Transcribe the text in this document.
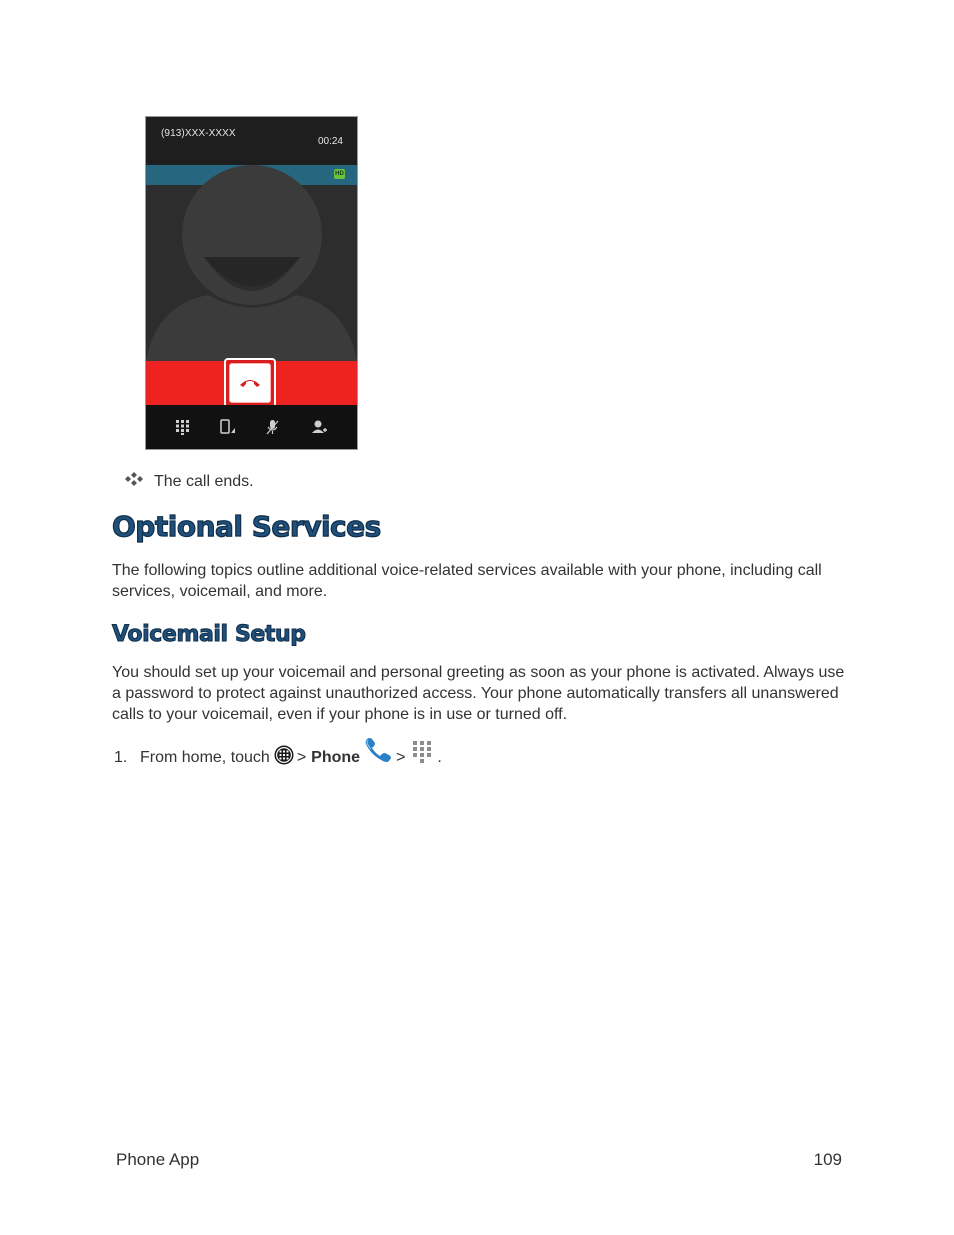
(913)XXX-XXXX
00:24
HD
The call ends.
Optional Services

The following topics outline additional voice-related services available with your phone, including call services, voicemail, and more.

Voicemail Setup

You should set up your voicemail and personal greeting as soon as your phone is activated. Always use a password to protect against unauthorized access. Your phone automatically transfers all unanswered calls to your voicemail, even if your phone is in use or turned off.

1. From home, touch > Phone > .
Phone App	109
